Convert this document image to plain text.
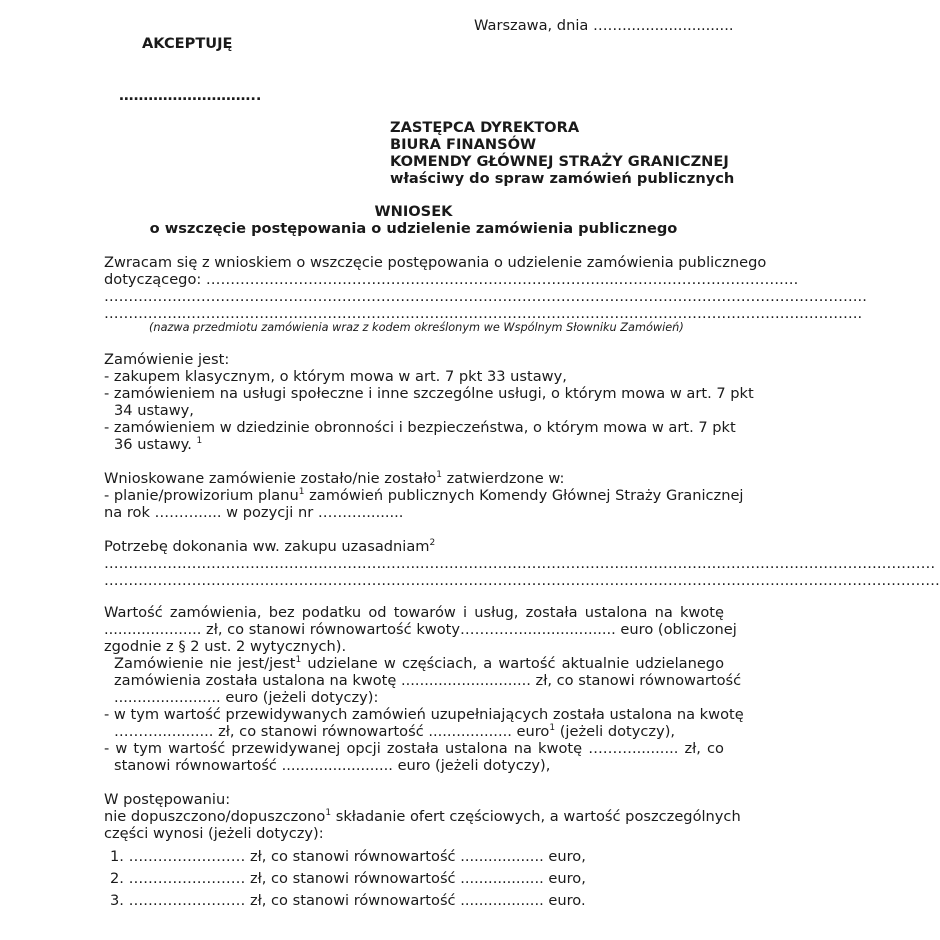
Warszawa, dnia ……........................
AKCEPTUJĘ
………………………..
ZASTĘPCA DYREKTORA
BIURA FINANSÓW
KOMENDY GŁÓWNEJ STRAŻY GRANICZNEJ
właściwy do spraw zamówień publicznych
WNIOSEK
o wszczęcie postępowania o udzielenie zamówienia publicznego
Zwracam się z wnioskiem o wszczęcie postępowania o udzielenie zamówienia publicznego
dotyczącego: ………………………………………………………………………....……………………………….
……………..…………………………………………………………………………………………………………………………..
……………..………………………………………………………………………………………………………………………….
(nazwa przedmiotu zamówienia wraz z kodem określonym we Wspólnym Słowniku Zamówień)
Zamówienie jest:
- zakupem klasycznym, o którym mowa w art. 7 pkt 33 ustawy,
- zamówieniem na usługi społeczne i inne szczególne usługi, o którym mowa w art. 7 pkt
34 ustawy,
- zamówieniem w dziedzinie obronności i bezpieczeństwa, o którym mowa w art. 7 pkt
36 ustawy. $^1$
Wnioskowane zamówienie zostało/nie zostało$^1$ zatwierdzone w:
- planie/prowizorium planu$^1$ zamówień publicznych Komendy Głównej Straży Granicznej
na rok ………..... w pozycji nr ……….........
Potrzebę dokonania ww. zakupu uzasadniam$^2$
………………………………………………………..…………………………………………………….………………………………………
…………………………………………………………..………………………………………………………………..…………………………
Wartość zamówienia, bez podatku od towarów i usług, została ustalona na kwotę
..................... zł, co stanowi równowartość kwoty…………..................... euro (obliczonej
zgodnie z § 2 ust. 2 wytycznych).
Zamówienie nie jest/jest$^1$ udzielane w częściach, a wartość aktualnie udzielanego
zamówienia została ustalona na kwotę ............................ zł, co stanowi równowartość
....................... euro (jeżeli dotyczy):
- w tym wartość przewidywanych zamówień uzupełniających została ustalona na kwotę
………............ zł, co stanowi równowartość .................. euro$^1$ (jeżeli dotyczy),
- w tym wartość przewidywanej opcji została ustalona na kwotę ……….......... zł, co
stanowi równowartość ........................ euro (jeżeli dotyczy),
W postępowaniu:
nie dopuszczono/dopuszczono$^1$ składanie ofert częściowych, a wartość poszczególnych
części wynosi (jeżeli dotyczy):
1. …………………… zł, co stanowi równowartość .................. euro,
2. …………………… zł, co stanowi równowartość .................. euro,
3. …………………… zł, co stanowi równowartość .................. euro.
